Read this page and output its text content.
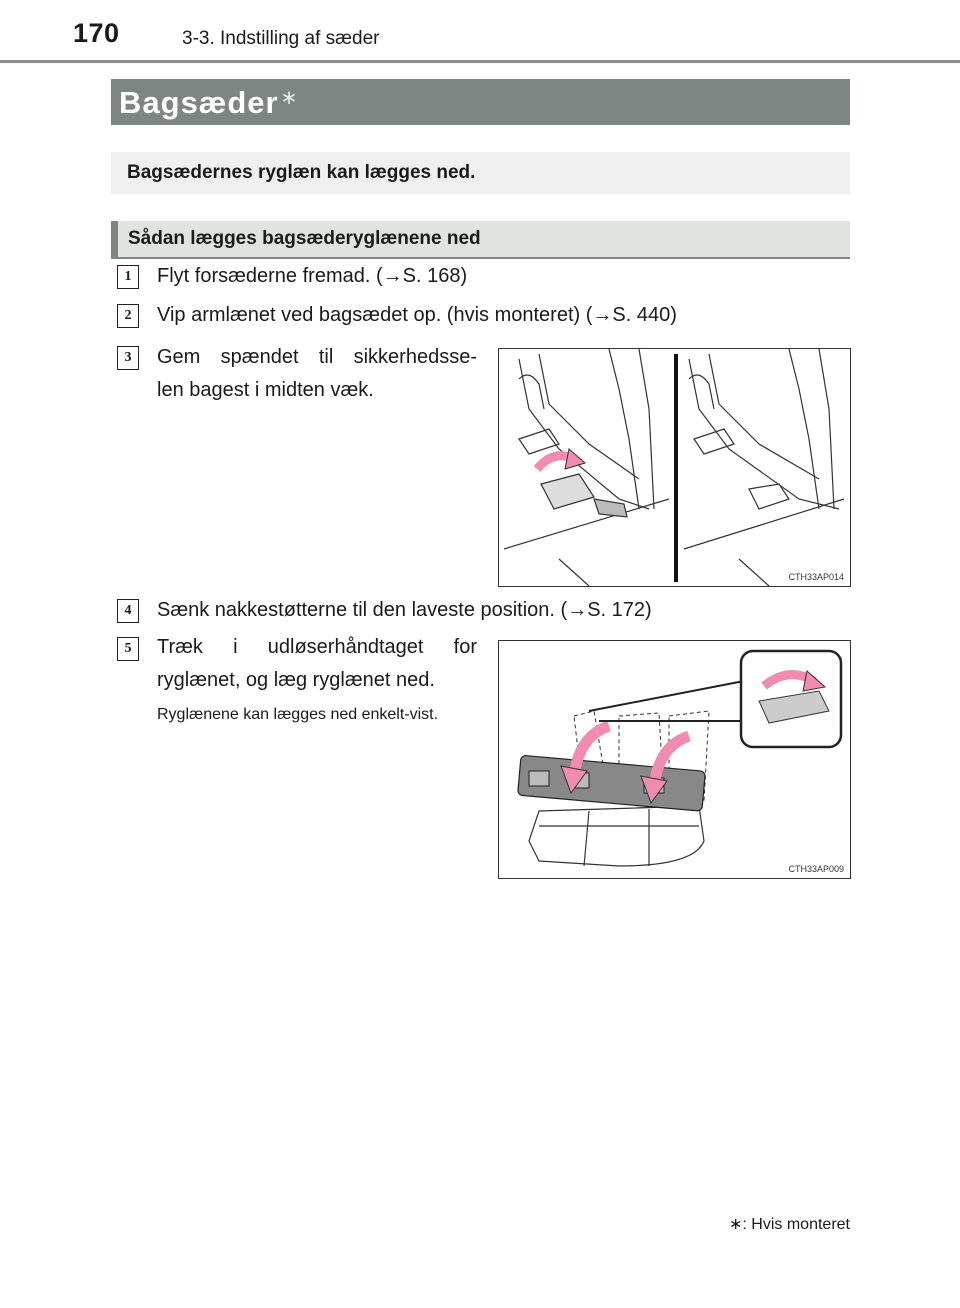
170	3-3. Indstilling af sæder
Bagsæder ∗
Bagsædernes ryglæn kan lægges ned.
Sådan lægges bagsæderyglænene ned
1	Flyt forsæderne fremad. (→S. 168)
2	Vip armlænet ved bagsædet op. (hvis monteret) (→S. 440)
3	Gem spændet til sikkerhedsse-
len bagest i midten væk.
CTH33AP014
4	Sænk nakkestøtterne til den laveste position. (→S. 172)
5	Træk i udløserhåndtaget for
ryglænet, og læg ryglænet ned.
Ryglænene kan lægges ned enkelt-vist.
CTH33AP009
∗: Hvis monteret
